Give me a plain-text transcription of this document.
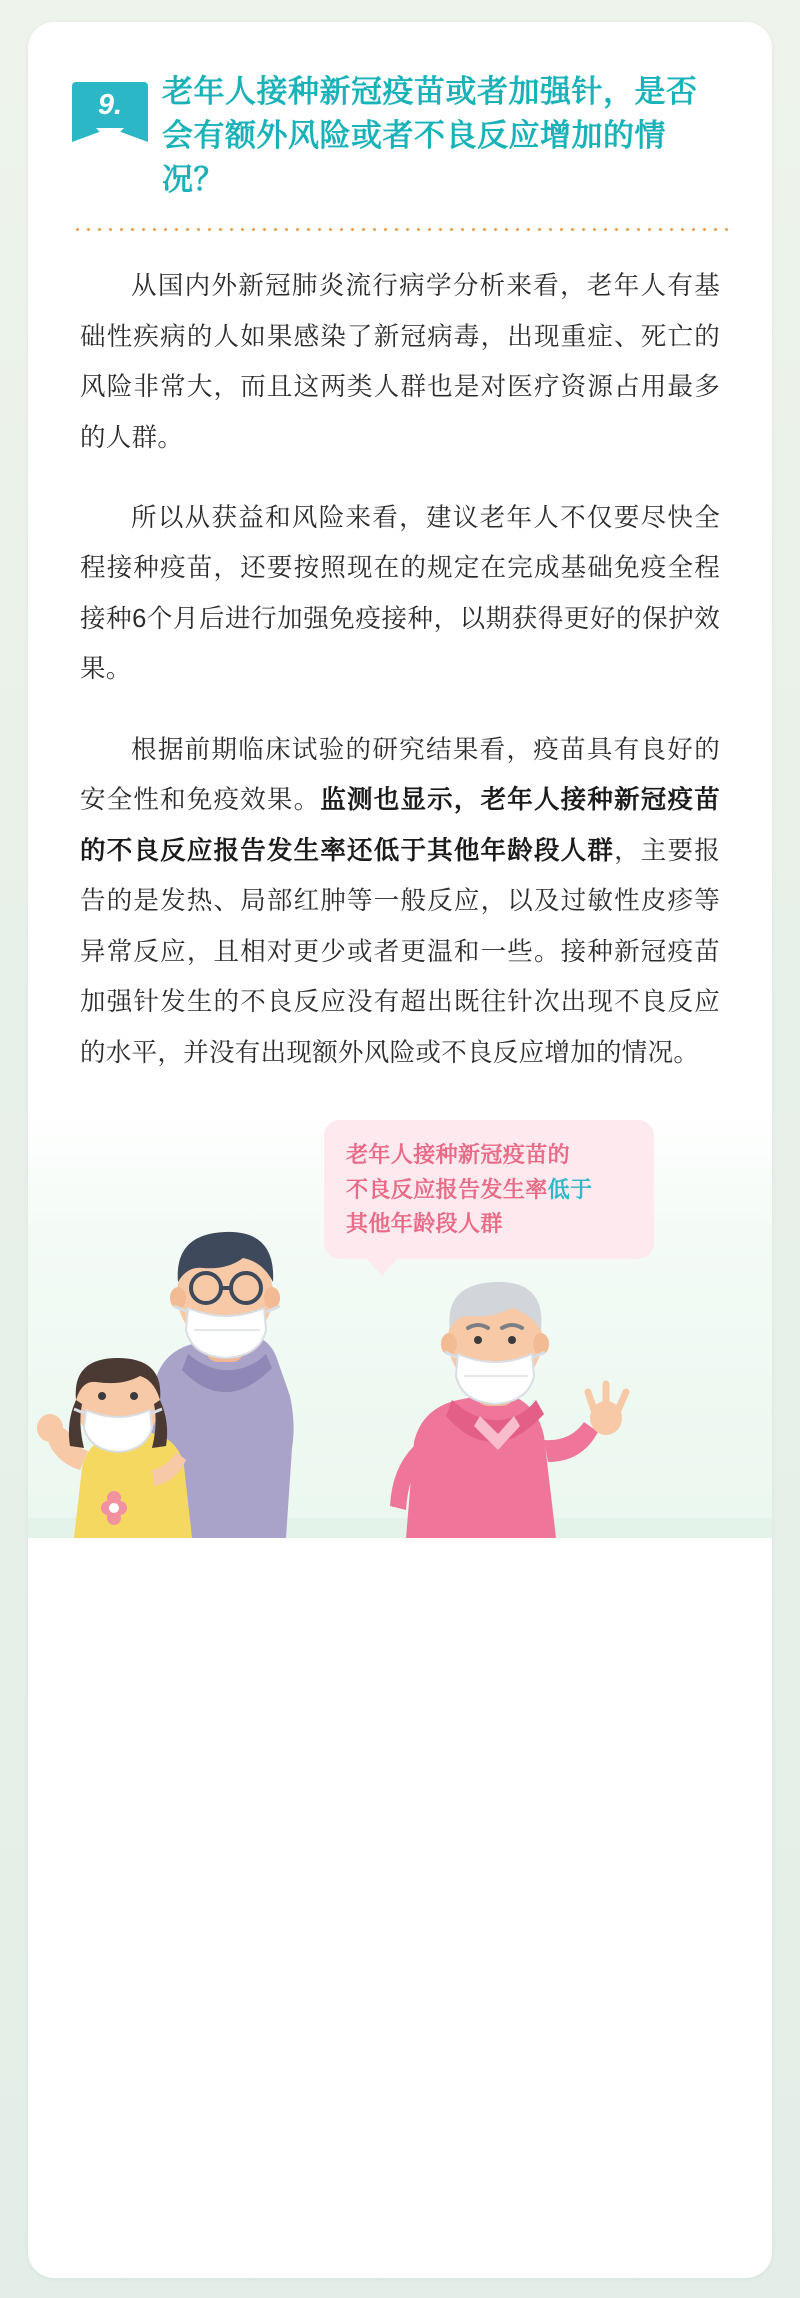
9.	老年人接种新冠疫苗或者加强针，是否会有额外风险或者不良反应增加的情况？

从国内外新冠肺炎流行病学分析来看，老年人有基础性疾病的人如果感染了新冠病毒，出现重症、死亡的风险非常大，而且这两类人群也是对医疗资源占用最多的人群。

所以从获益和风险来看，建议老年人不仅要尽快全程接种疫苗，还要按照现在的规定在完成基础免疫全程接种6个月后进行加强免疫接种，以期获得更好的保护效果。

根据前期临床试验的研究结果看，疫苗具有良好的安全性和免疫效果。监测也显示，老年人接种新冠疫苗的不良反应报告发生率还低于其他年龄段人群，主要报告的是发热、局部红肿等一般反应，以及过敏性皮疹等异常反应，且相对更少或者更温和一些。接种新冠疫苗加强针发生的不良反应没有超出既往针次出现不良反应的水平，并没有出现额外风险或不良反应增加的情况。

老年人接种新冠疫苗的
不良反应报告发生率低于
其他年龄段人群
